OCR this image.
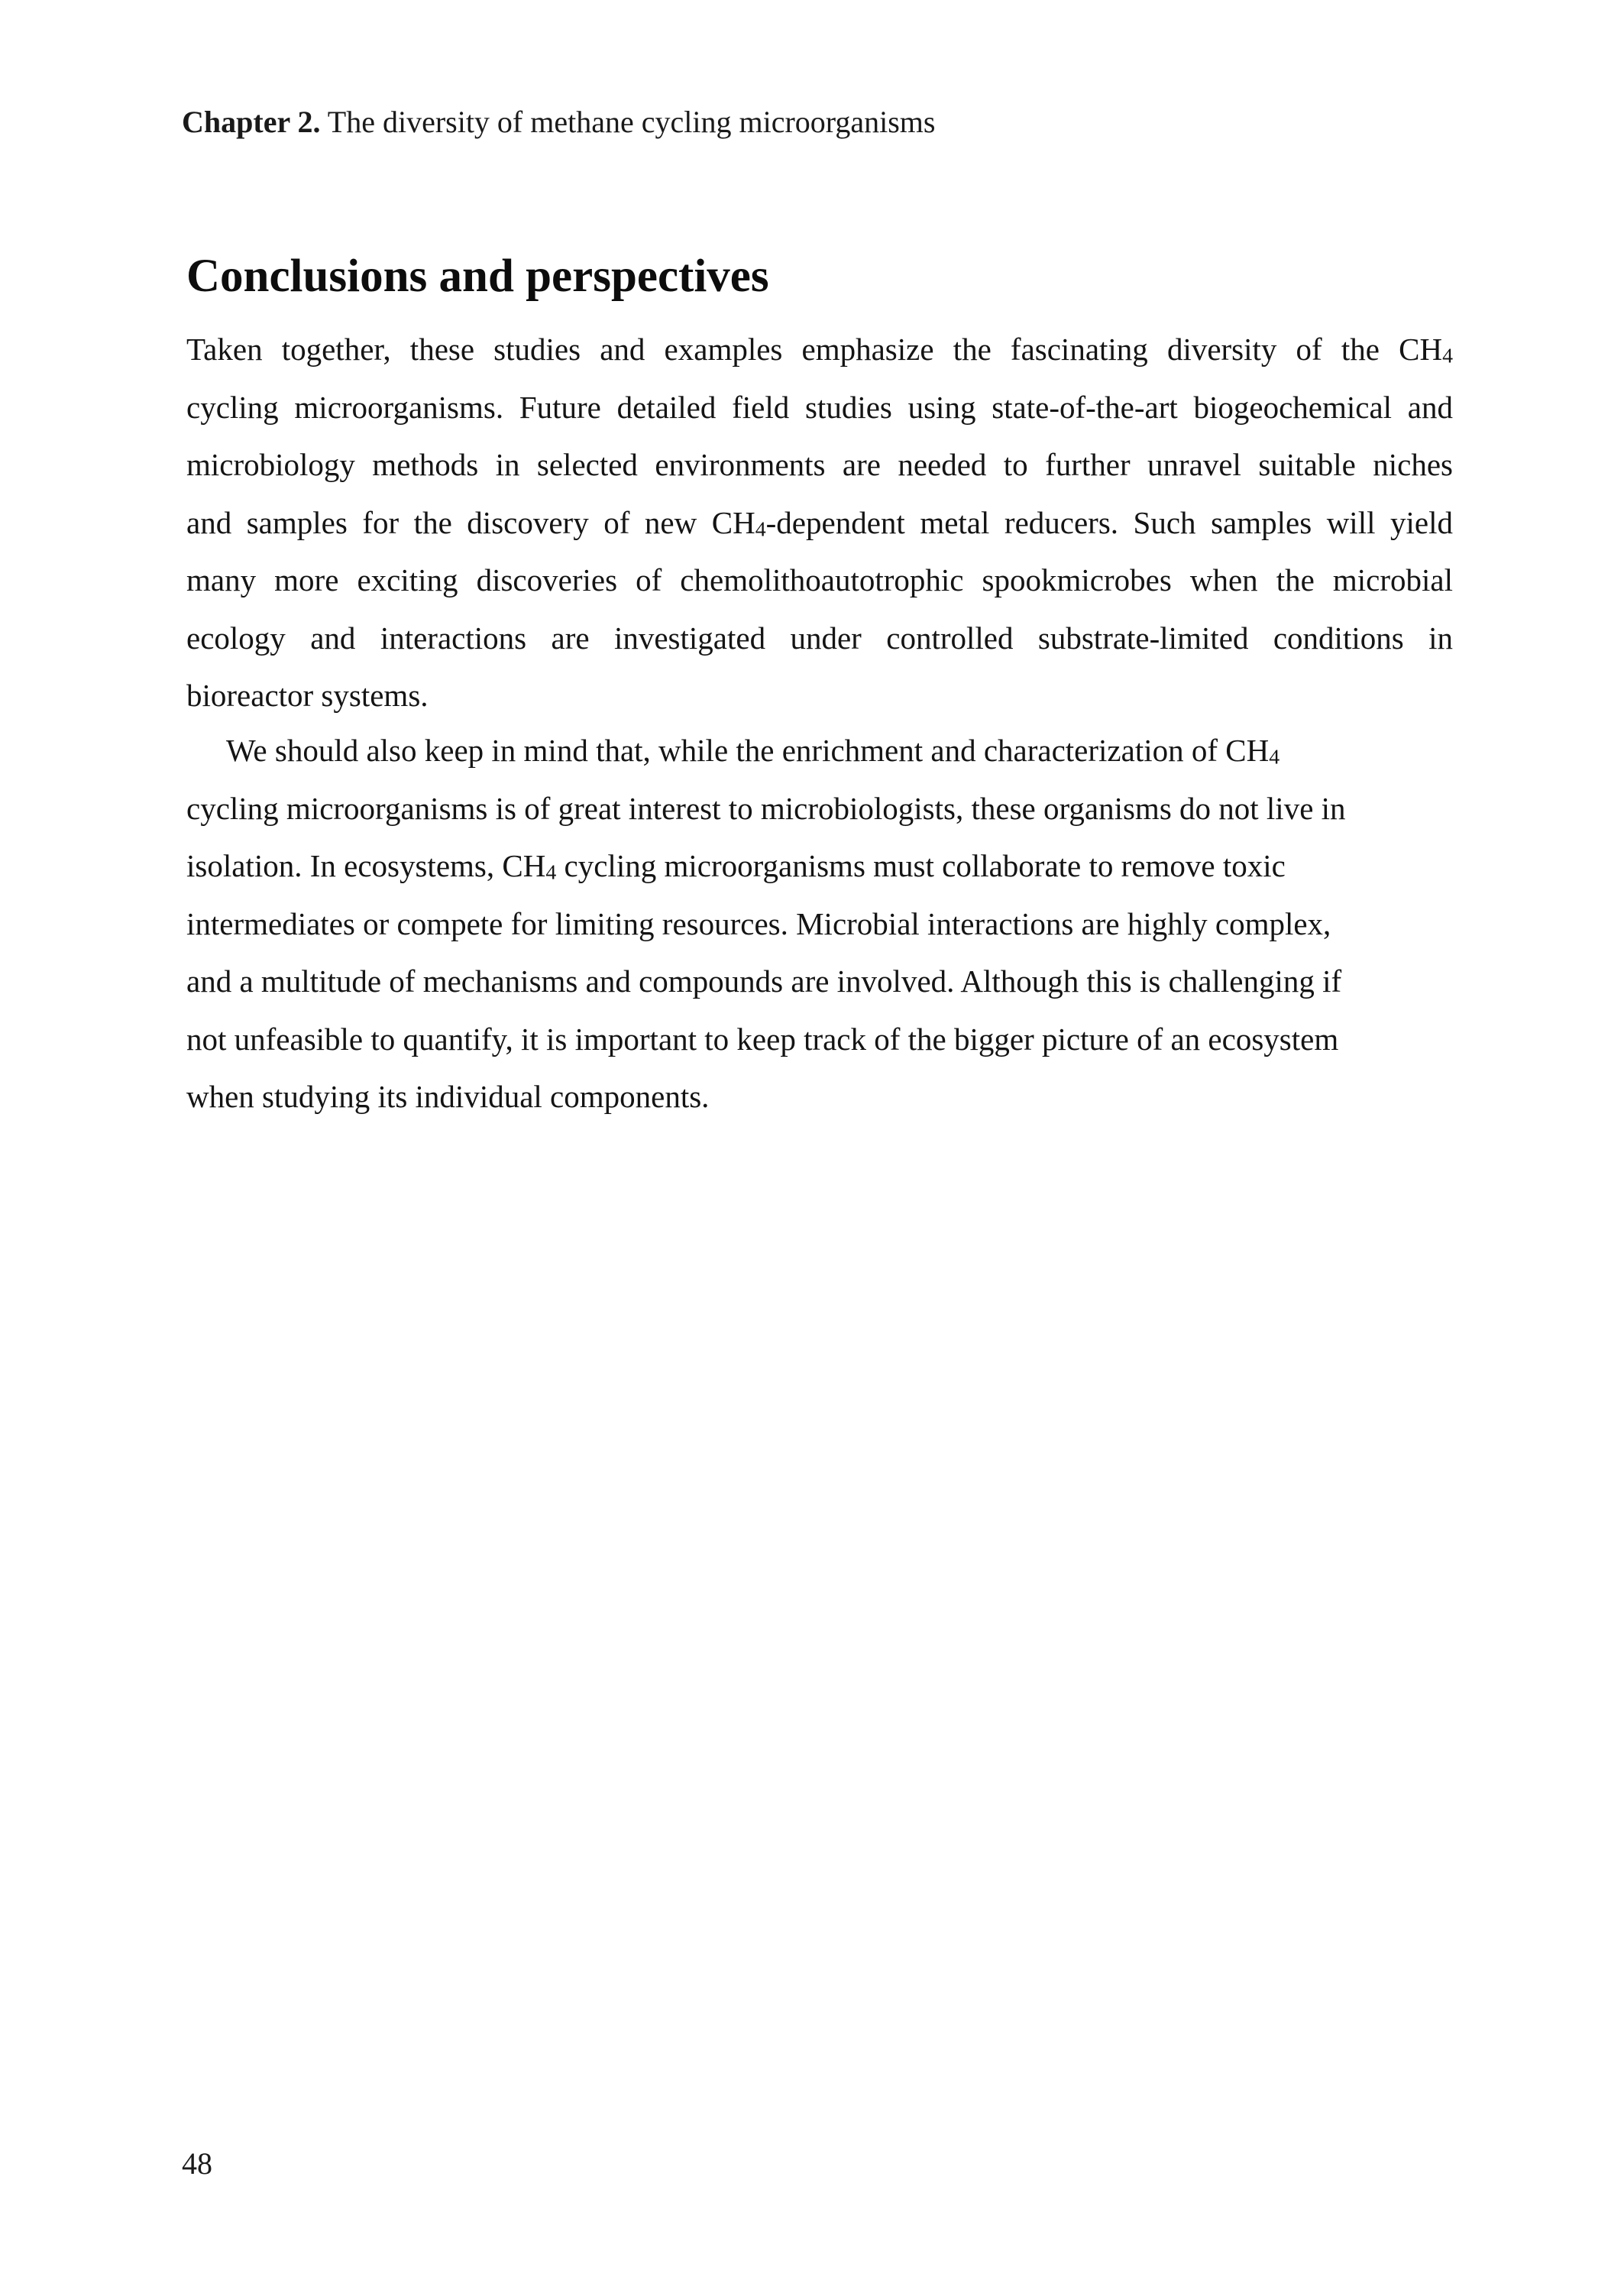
Chapter 2. The diversity of methane cycling microorganisms
Conclusions and perspectives
Taken together, these studies and examples emphasize the fascinating diversity of the $CH_4$
cycling microorganisms. Future detailed field studies using state-of-the-art biogeochemical and
microbiology methods in selected environments are needed to further unravel suitable niches
and samples for the discovery of new $CH_4$-dependent metal reducers. Such samples will yield
many more exciting discoveries of chemolithoautotrophic spookmicrobes when the microbial
ecology and interactions are investigated under controlled substrate-limited conditions in
bioreactor systems.
We should also keep in mind that, while the enrichment and characterization of $CH_4$
cycling microorganisms is of great interest to microbiologists, these organisms do not live in
isolation. In ecosystems, $CH_4$ cycling microorganisms must collaborate to remove toxic
intermediates or compete for limiting resources. Microbial interactions are highly complex,
and a multitude of mechanisms and compounds are involved. Although this is challenging if
not unfeasible to quantify, it is important to keep track of the bigger picture of an ecosystem
when studying its individual components.
48
